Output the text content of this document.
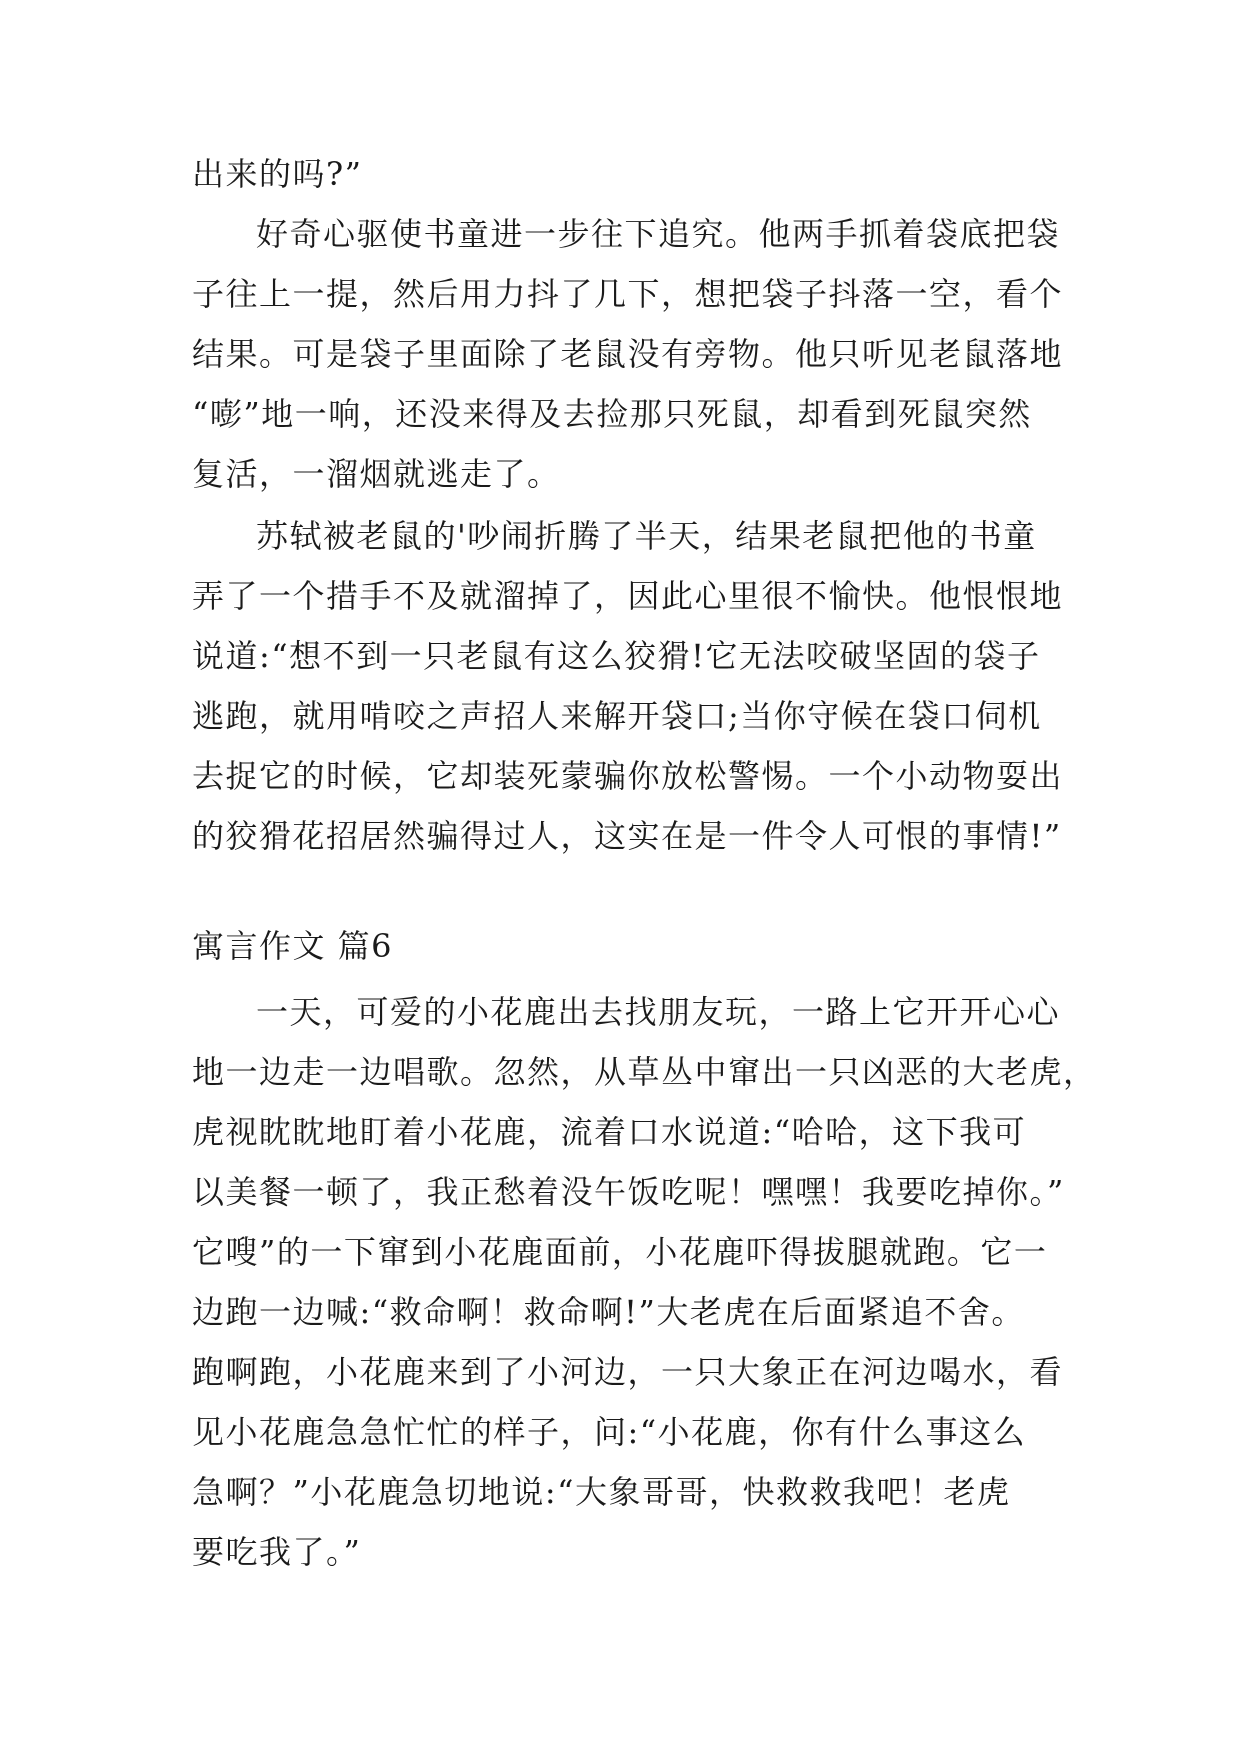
出来的吗?”
好奇心驱使书童进一步往下追究。他两手抓着袋底把袋
子往上一提，然后用力抖了几下，想把袋子抖落一空，看个
结果。可是袋子里面除了老鼠没有旁物。他只听见老鼠落地
“嘭”地一响，还没来得及去捡那只死鼠，却看到死鼠突然
复活，一溜烟就逃走了。
苏轼被老鼠的'吵闹折腾了半天，结果老鼠把他的书童
弄了一个措手不及就溜掉了，因此心里很不愉快。他恨恨地
说道:“想不到一只老鼠有这么狡猾!它无法咬破坚固的袋子
逃跑，就用啃咬之声招人来解开袋口;当你守候在袋口伺机
去捉它的时候，它却装死蒙骗你放松警惕。一个小动物耍出
的狡猾花招居然骗得过人，这实在是一件令人可恨的事情!”
寓言作文 篇6
一天，可爱的小花鹿出去找朋友玩，一路上它开开心心
地一边走一边唱歌。忽然，从草丛中窜出一只凶恶的大老虎，
虎视眈眈地盯着小花鹿，流着口水说道:“哈哈，这下我可
以美餐一顿了，我正愁着没午饭吃呢！嘿嘿！我要吃掉你。”
它嗖”的一下窜到小花鹿面前，小花鹿吓得拔腿就跑。它一
边跑一边喊:“救命啊！救命啊!”大老虎在后面紧追不舍。
跑啊跑，小花鹿来到了小河边，一只大象正在河边喝水，看
见小花鹿急急忙忙的样子，问:“小花鹿，你有什么事这么
急啊？”小花鹿急切地说:“大象哥哥，快救救我吧！老虎
要吃我了。”
